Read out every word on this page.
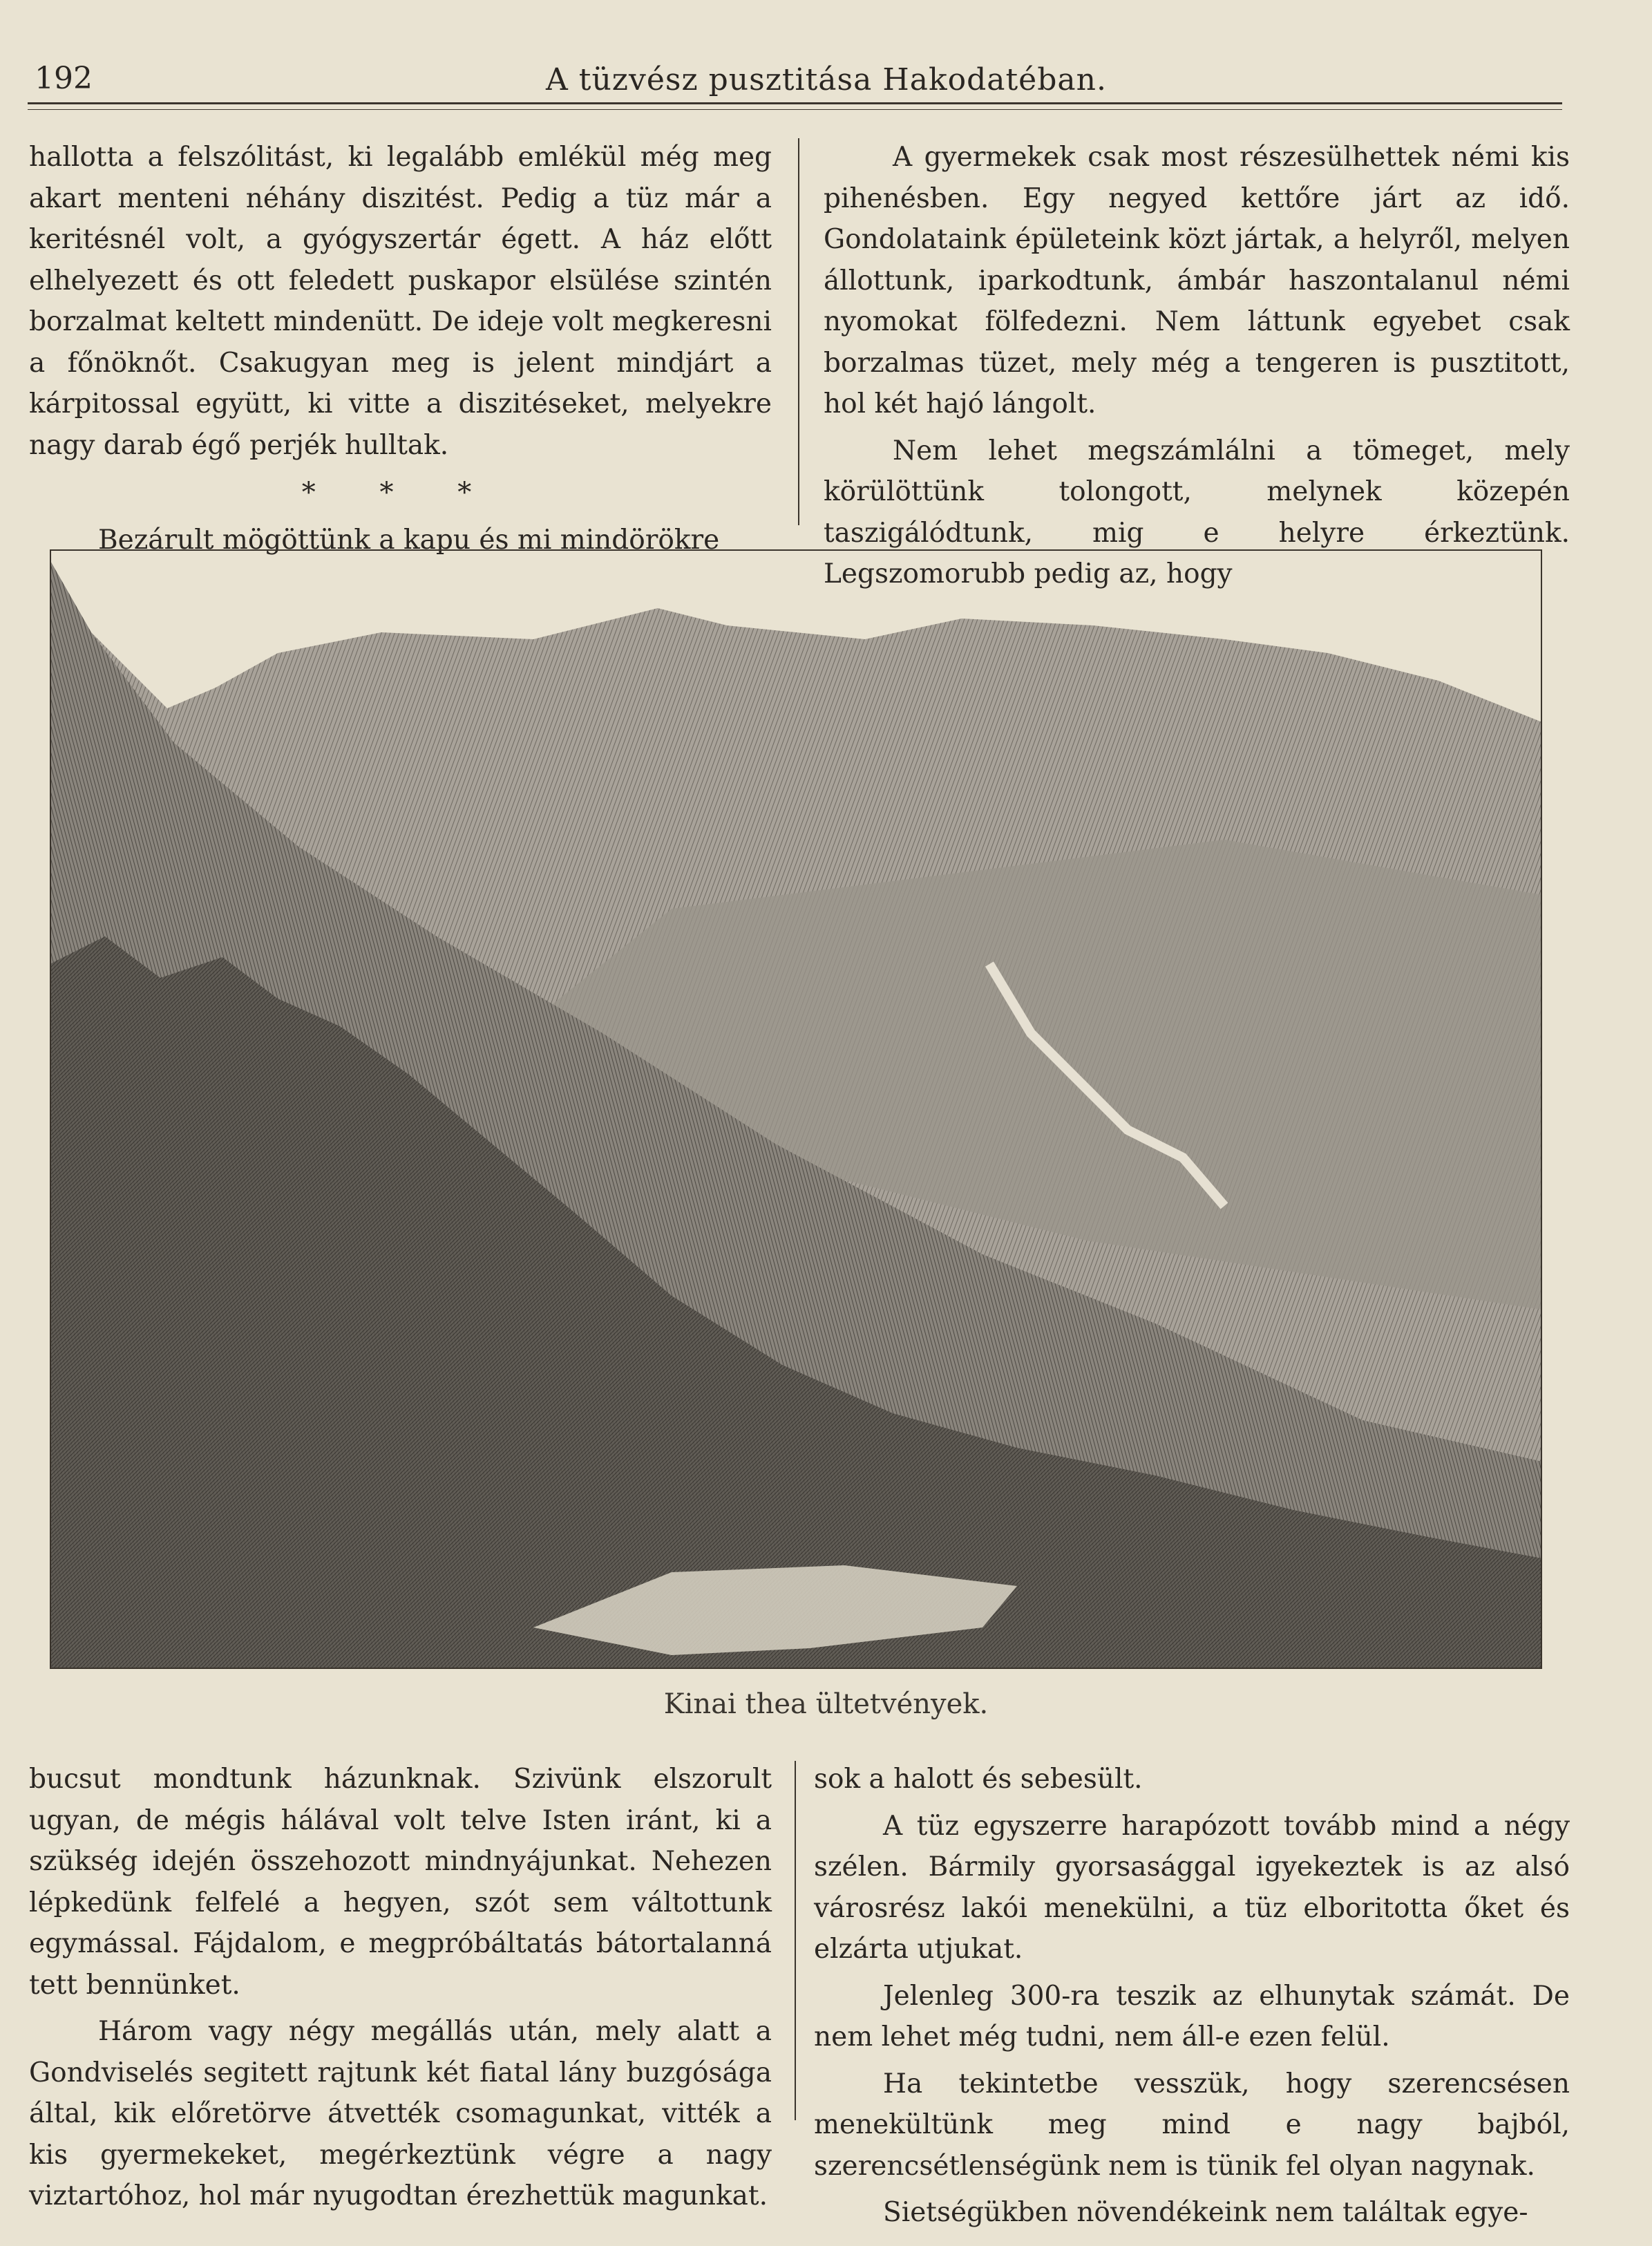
192	A tüzvész pusztitása Hakodatéban.

hallotta a felszólitást, ki legalább emlékül még meg akart menteni néhány diszitést. Pedig a tüz már a keritésnél volt, a gyógyszertár égett. A ház előtt elhelyezett és ott feledett puskapor elsülése szintén borzalmat keltett mindenütt. De ideje volt megkeresni a főnöknőt. Csakugyan meg is jelent mindjárt a kárpitossal együtt, ki vitte a diszitéseket, melyekre nagy darab égő perjék hulltak.

* * *

Bezárult mögöttünk a kapu és mi mindörökre

A gyermekek csak most részesülhettek némi kis pihenésben. Egy negyed kettőre járt az idő. Gondolataink épületeink közt jártak, a helyről, melyen állottunk, iparkodtunk, ámbár haszontalanul némi nyomokat fölfedezni. Nem láttunk egyebet csak borzalmas tüzet, mely még a tengeren is pusztitott, hol két hajó lángolt.

Nem lehet megszámlálni a tömeget, mely körülöttünk tolongott, melynek közepén taszigálódtunk, mig e helyre érkeztünk. Legszomorubb pedig az, hogy

Kinai thea ültetvények.

bucsut mondtunk házunknak. Szivünk elszorult ugyan, de mégis hálával volt telve Isten iránt, ki a szükség idején összehozott mindnyájunkat. Nehezen lépkedünk felfelé a hegyen, szót sem váltottunk egymással. Fájdalom, e megpróbáltatás bátortalanná tett bennünket.

Három vagy négy megállás után, mely alatt a Gondviselés segitett rajtunk két fiatal lány buzgósága által, kik előretörve átvették csomagunkat, vitték a kis gyermekeket, megérkeztünk végre a nagy viztartóhoz, hol már nyugodtan érezhettük magunkat.

sok a halott és sebesült.

A tüz egyszerre harapózott tovább mind a négy szélen. Bármily gyorsasággal igyekeztek is az alsó városrész lakói menekülni, a tüz elboritotta őket és elzárta utjukat.

Jelenleg 300-ra teszik az elhunytak számát. De nem lehet még tudni, nem áll-e ezen felül.

Ha tekintetbe vesszük, hogy szerencsésen menekültünk meg mind e nagy bajból, szerencsétlenségünk nem is tünik fel olyan nagynak.

Sietségükben növendékeink nem találtak egye-
